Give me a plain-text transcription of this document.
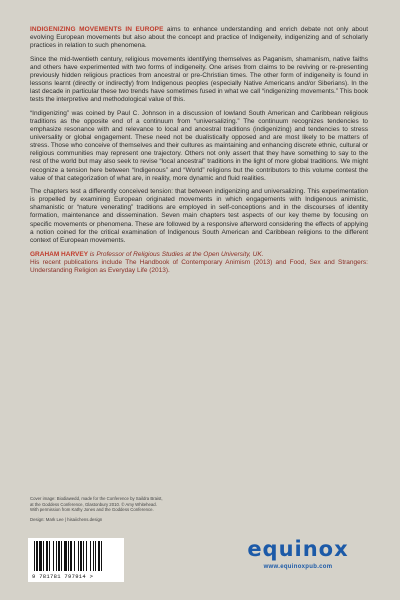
INDIGENIZING MOVEMENTS IN EUROPE aims to enhance understanding and enrich debate not only about evolving European movements but also about the concept and practice of Indigeneity, indigenizing and of scholarly practices in relation to such phenomena.

Since the mid-twentieth century, religious movements identifying themselves as Paganism, shamanism, native faiths and others have experimented with two forms of indigeneity. One arises from claims to be reviving or re-presenting previously hidden religious practices from ancestral or pre-Christian times. The other form of indigeneity is found in lessons learnt (directly or indirectly) from Indigenous peoples (especially Native Americans and/or Siberians). In the last decade in particular these two trends have sometimes fused in what we call “indigenizing movements.” This book tests the interpretive and methodological value of this.

“Indigenizing” was coined by Paul C. Johnson in a discussion of lowland South American and Caribbean religious traditions as the opposite end of a continuum from “universalizing.” The continuum recognizes tendencies to emphasize resonance with and relevance to local and ancestral traditions (indigenizing) and tendencies to stress universality or global engagement. These need not be dualistically opposed and are most likely to be matters of stress. Those who conceive of themselves and their cultures as maintaining and enhancing discrete ethnic, cultural or religious communities may represent one trajectory. Others not only assert that they have something to say to the rest of the world but may also seek to revise “local ancestral” traditions in the light of more global traditions. We might recognize a tension here between “Indigenous” and “World” religions but the contributors to this volume contest the value of that categorization of what are, in reality, more dynamic and fluid realities.

The chapters test a differently conceived tension: that between indigenizing and universalizing. This experimentation is propelled by examining European originated movements in which engagements with Indigenous animistic, shamanistic or “nature venerating” traditions are employed in self-conceptions and in the discourses of identity formation, maintenance and dissemination. Seven main chapters test aspects of our key theme by focusing on specific movements or phenomena. These are followed by a responsive afterword considering the effects of applying a notion coined for the critical examination of Indigenous South American and Caribbean religions to the different context of European movements.

GRAHAM HARVEY is Professor of Religious Studies at the Open University, UK.
His recent publications include The Handbook of Contemporary Animism (2013) and Food, Sex and Strangers: Understanding Religion as Everyday Life (2013).
Cover image: Biodiawedd, made for the Conference by Saildra Braist,
at the Goddess Conference, Glastonbury 2010. © Amy Whitehead.
With permission from Kathy Jones and the Goddess Conference.
Design: Mark Lee | hisaiichens.design
9 781781 797914 >
equinox
www.equinoxpub.com
